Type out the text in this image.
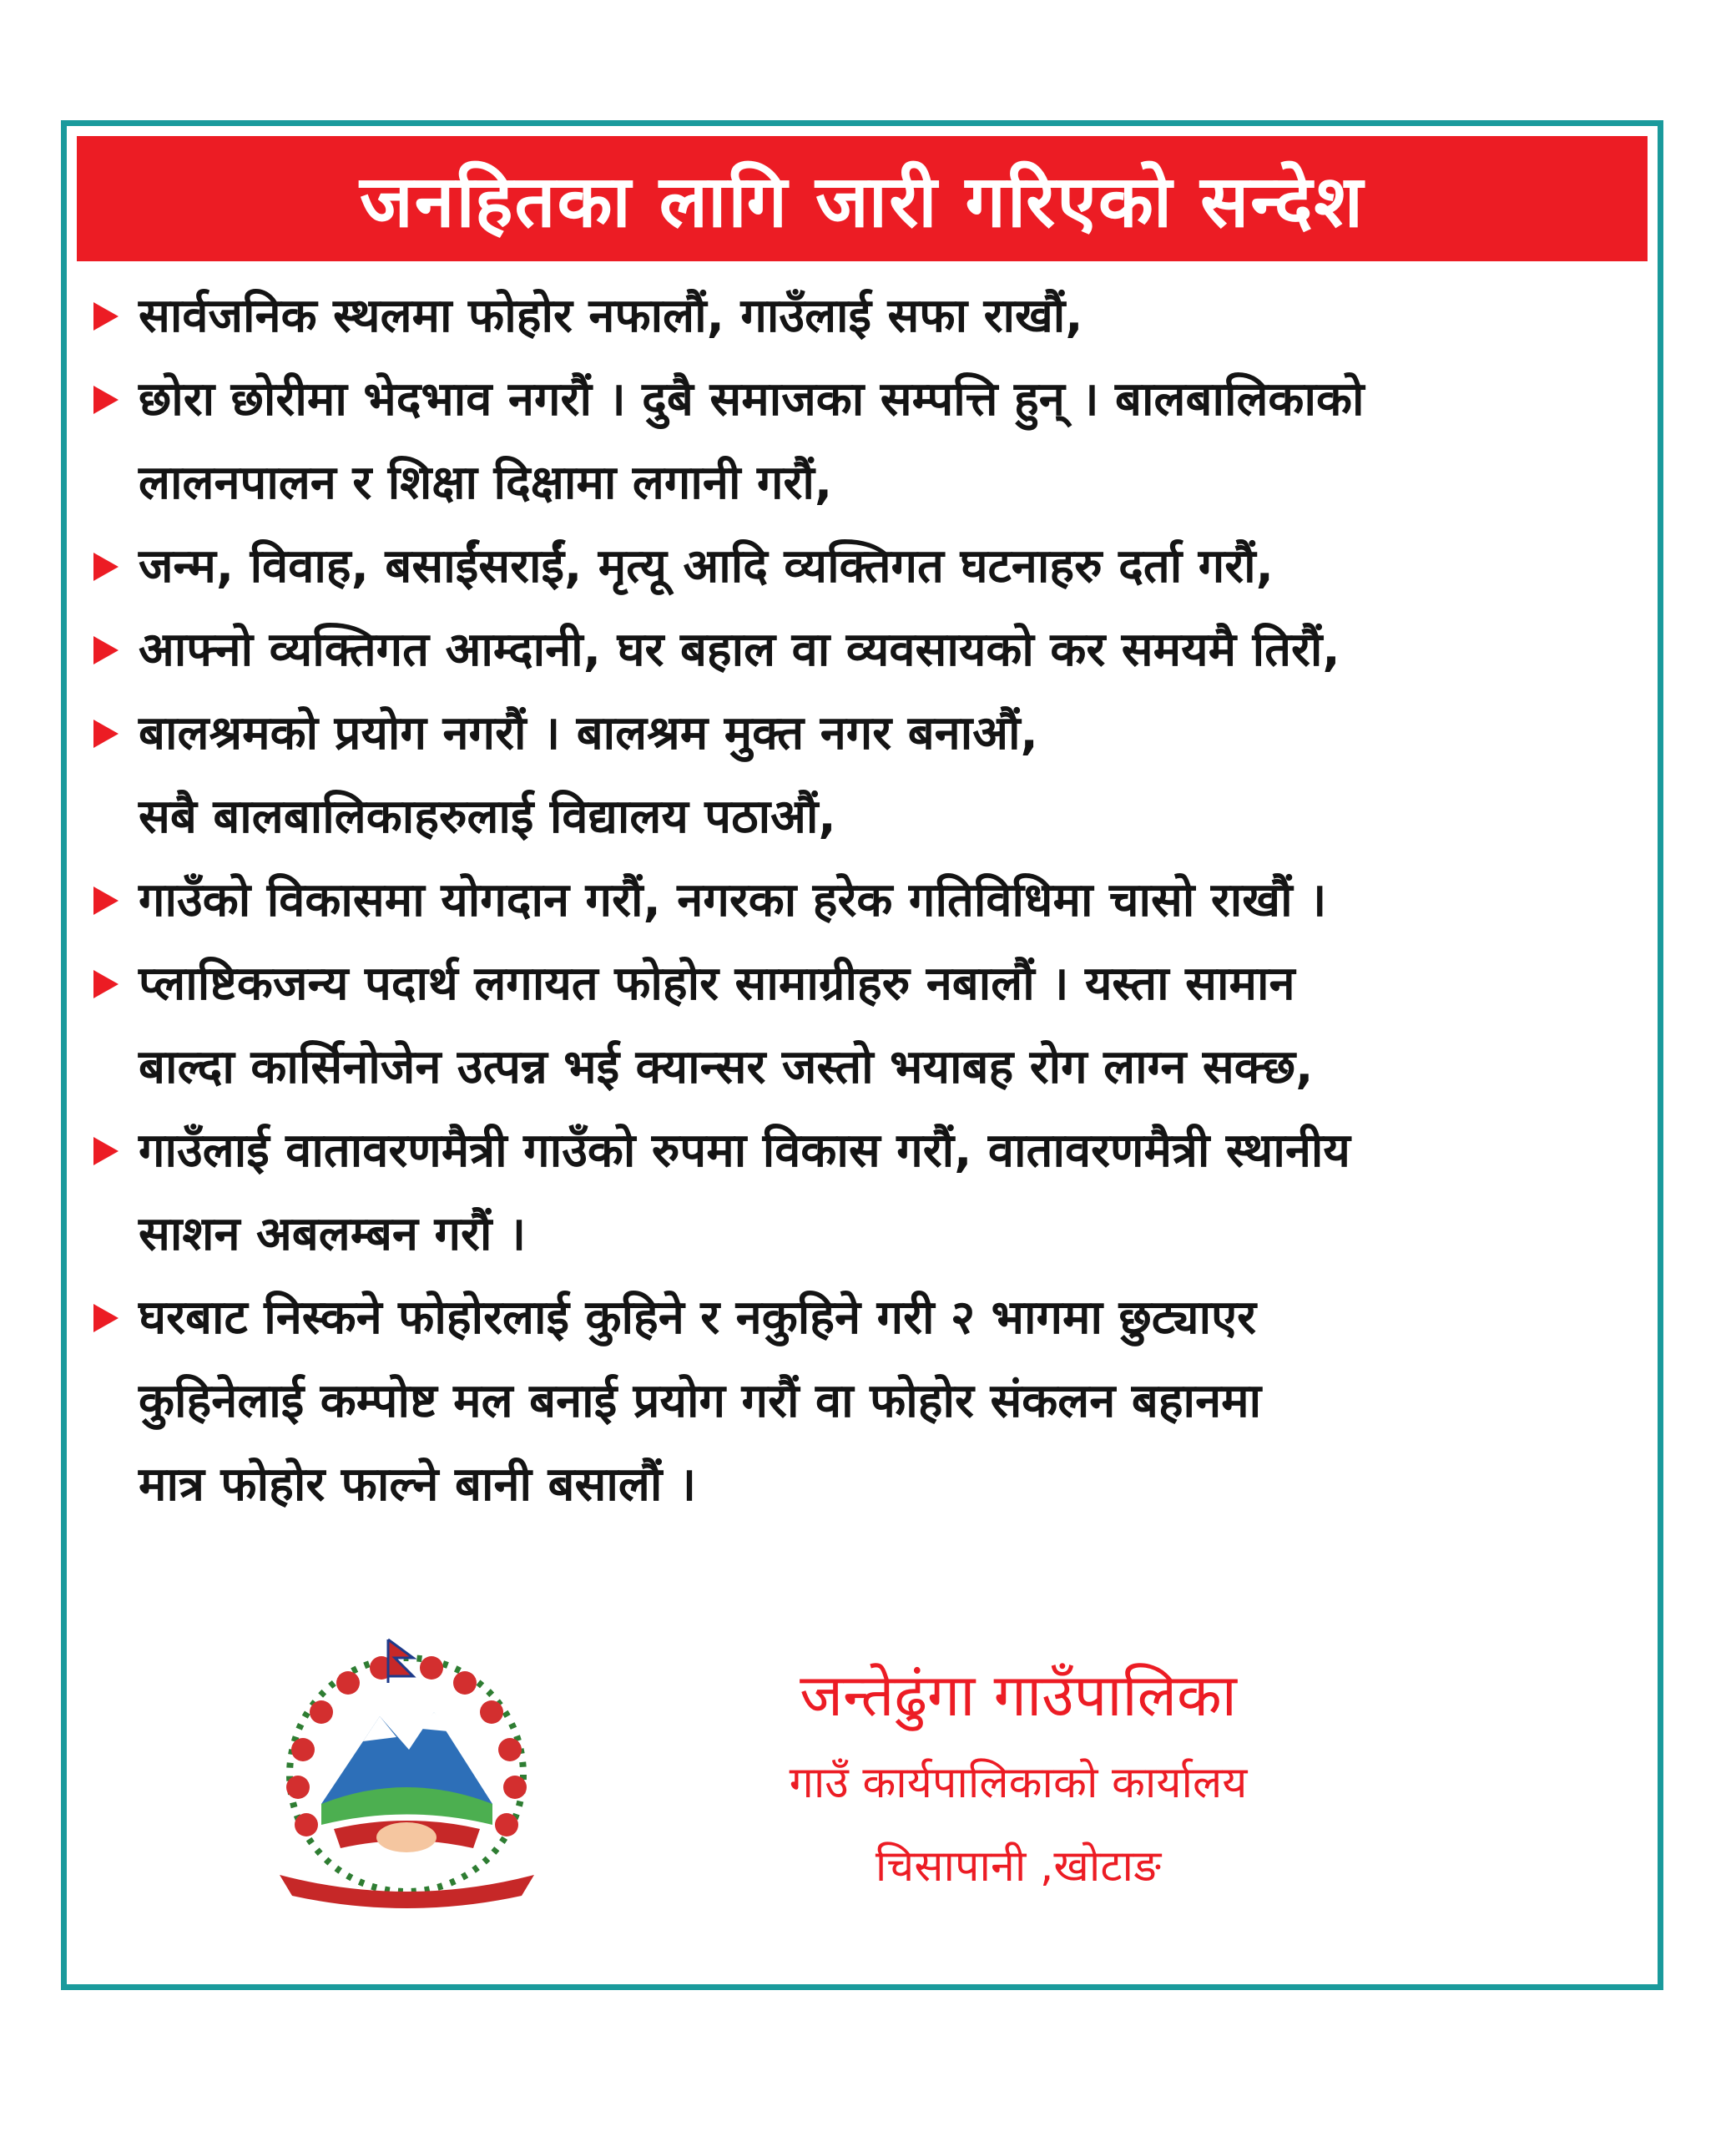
जनहितका लागि जारी गरिएको सन्देश
सार्वजनिक स्थलमा फोहोर नफालौं, गाउँलाई सफा राखौं,
छोरा छोरीमा भेदभाव नगरौं । दुबै समाजका सम्पत्ति हुन् । बालबालिकाको
लालनपालन र शिक्षा दिक्षामा लगानी गरौं,
जन्म, विवाह, बसाईंसराईं, मृत्यू आदि व्यक्तिगत घटनाहरु दर्ता गरौं,
आफ्नो व्यक्तिगत आम्दानी, घर बहाल वा व्यवसायको कर समयमै तिरौं,
बालश्रमको प्रयोग नगरौं । बालश्रम मुक्त नगर बनाऔं,
सबै बालबालिकाहरुलाई विद्यालय पठाऔं,
गाउँको विकासमा योगदान गरौं, नगरका हरेक गतिविधिमा चासो राखौं ।
प्लाष्टिकजन्य पदार्थ लगायत फोहोर सामाग्रीहरु नबालौं । यस्ता सामान
बाल्दा कार्सिनोजेन उत्पन्न भई क्यान्सर जस्तो भयाबह रोग लाग्न सक्छ,
गाउँलाई वातावरणमैत्री गाउँको रुपमा विकास गरौं, वातावरणमैत्री स्थानीय
साशन अबलम्बन गरौं ।
घरबाट निस्कने फोहोरलाई कुहिने र नकुहिने गरी २ भागमा छुट्याएर
कुहिनेलाई कम्पोष्ट मल बनाई प्रयोग गरौं वा फोहोर संकलन बहानमा
मात्र फोहोर फाल्ने बानी बसालौं ।
जन्तेढुंगा गाउँपालिका
गाउँ कार्यपालिकाको कार्यालय
चिसापानी ,खोटाङ
